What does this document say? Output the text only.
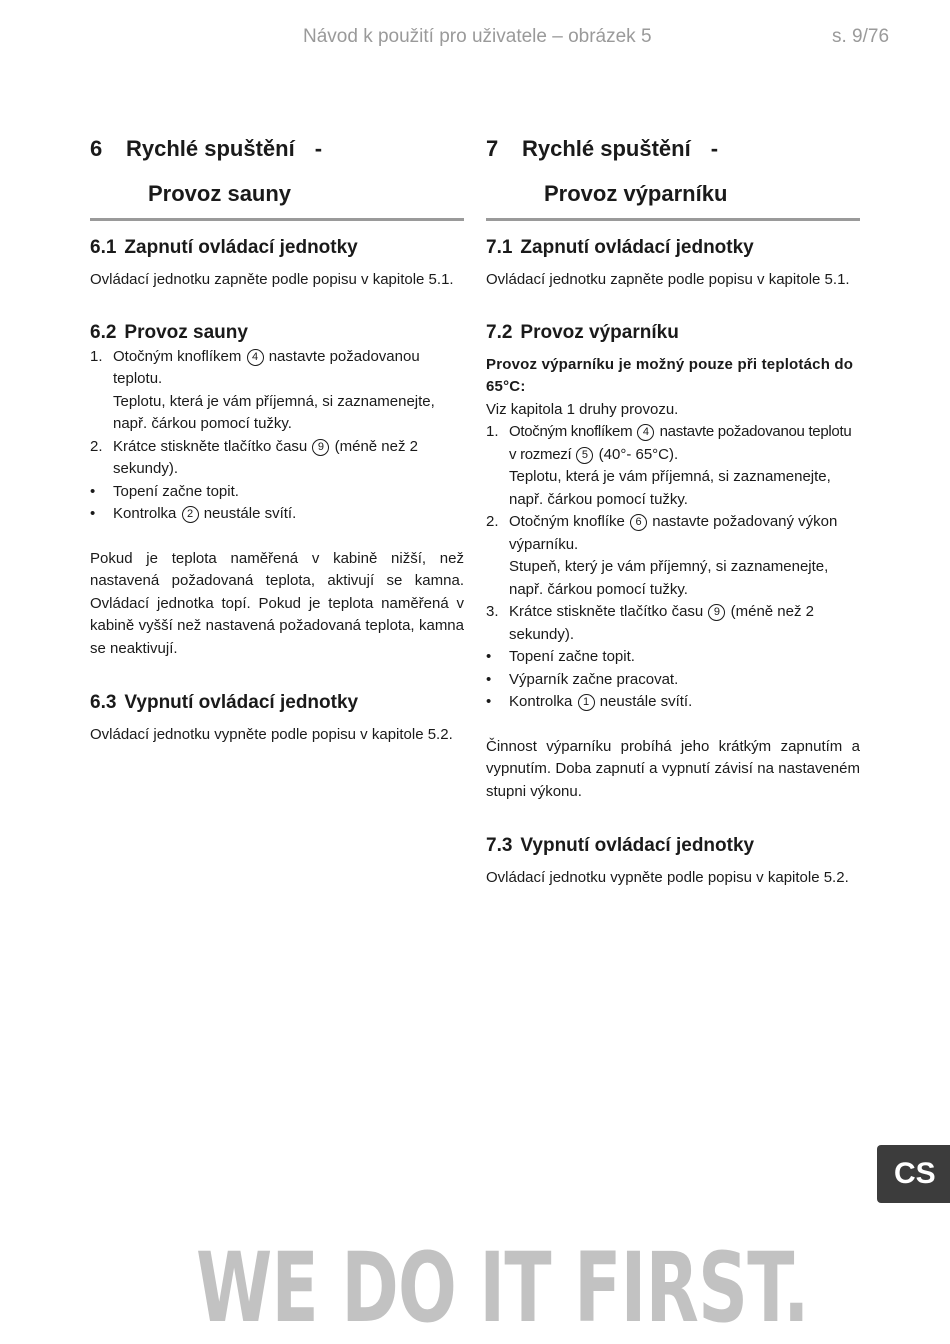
Návod k použití pro uživatele – obrázek 5	s. 9/76
6 Rychlé spuštění -
Provoz sauny
6.1 Zapnutí ovládací jednotky

Ovládací jednotku zapněte podle popisu v kapitole 5.1.

6.2 Provoz sauny
1. Otočným knoflíkem 4 nastavte požadovanou teplotu.
Teplotu, která je vám příjemná, si zaznamenejte, např. čárkou pomocí tužky.
2. Krátce stiskněte tlačítko času 9 (méně než 2 sekundy).
• Topení začne topit.
• Kontrolka 2 neustále svítí.

Pokud je teplota naměřená v kabině nižší, než nastavená požadovaná teplota, aktivují se kamna. Ovládací jednotka topí. Pokud je teplota naměřená v kabině vyšší než nastavená požadovaná teplota, kamna se neaktivují.

6.3 Vypnutí ovládací jednotky

Ovládací jednotku vypněte podle popisu v kapitole 5.2.

7 Rychlé spuštění -
Provoz výparníku
7.1 Zapnutí ovládací jednotky

Ovládací jednotku zapněte podle popisu v kapitole 5.1.

7.2 Provoz výparníku

Provoz výparníku je možný pouze při teplotách do 65°C:

Viz kapitola 1 druhy provozu.

1. Otočným knoflíkem 4 nastavte požadovanou teplotu v rozmezí 5 (40°- 65°C).
Teplotu, která je vám příjemná, si zaznamenejte, např. čárkou pomocí tužky.
2. Otočným knoflíke 6 nastavte požadovaný výkon výparníku.
Stupeň, který je vám příjemný, si zaznamenejte, např. čárkou pomocí tužky.
3. Krátce stiskněte tlačítko času 9 (méně než 2 sekundy).
• Topení začne topit.
• Výparník začne pracovat.
• Kontrolka 1 neustále svítí.

Činnost výparníku probíhá jeho krátkým zapnutím a vypnutím. Doba zapnutí a vypnutí závisí na nastaveném stupni výkonu.

7.3 Vypnutí ovládací jednotky

Ovládací jednotku vypněte podle popisu v kapitole 5.2.

CS
WE DO IT FIRST.
